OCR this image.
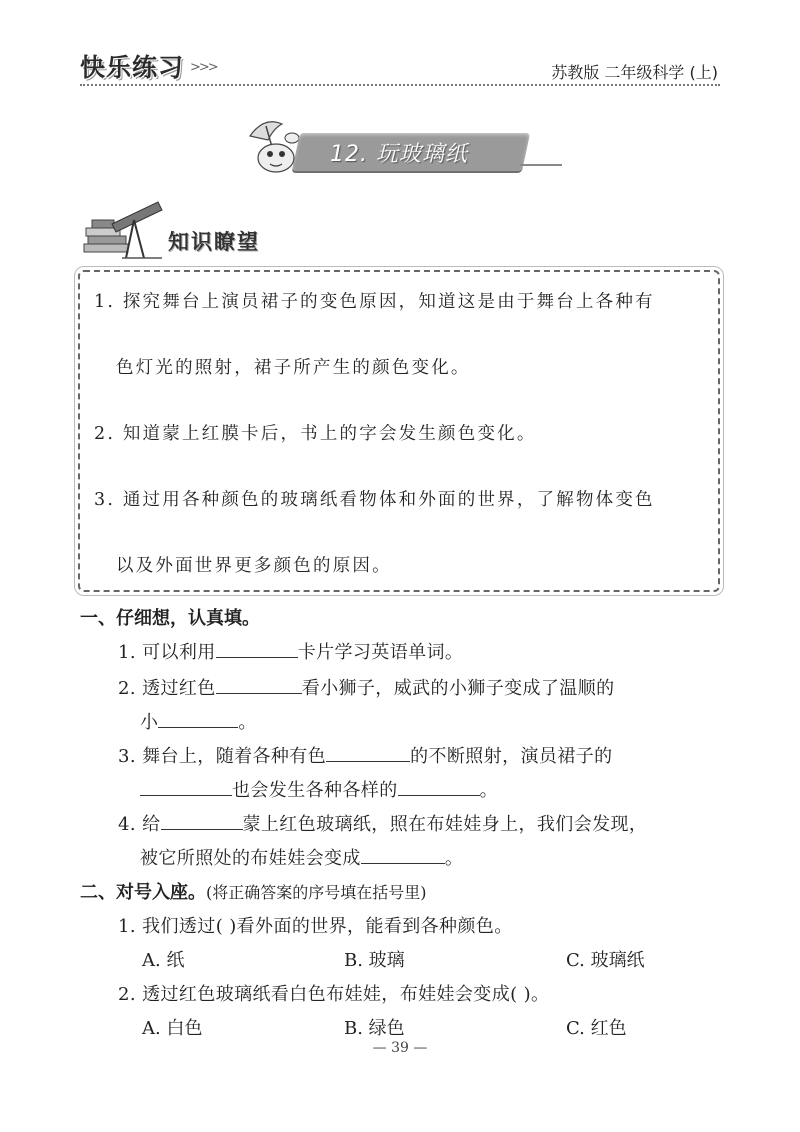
快乐练习 >>>	苏教版 二年级科学 (上)
12. 玩玻璃纸
知识瞭望
1. 探究舞台上演员裙子的变色原因，知道这是由于舞台上各种有
色灯光的照射，裙子所产生的颜色变化。
2. 知道蒙上红膜卡后，书上的字会发生颜色变化。
3. 通过用各种颜色的玻璃纸看物体和外面的世界，了解物体变色
以及外面世界更多颜色的原因。
一、仔细想，认真填。
1. 可以利用	卡片学习英语单词。
2. 透过红色	看小狮子，威武的小狮子变成了温顺的
小	。
3. 舞台上，随着各种有色	的不断照射，演员裙子的
也会发生各种各样的	。
4. 给	蒙上红色玻璃纸，照在布娃娃身上，我们会发现，
被它所照处的布娃娃会变成	。
二、对号入座。(将正确答案的序号填在括号里)
1. 我们透过( )看外面的世界，能看到各种颜色。
A. 纸	B. 玻璃	C. 玻璃纸
2. 透过红色玻璃纸看白色布娃娃，布娃娃会变成( )。
A. 白色	B. 绿色	C. 红色
— 39 —
